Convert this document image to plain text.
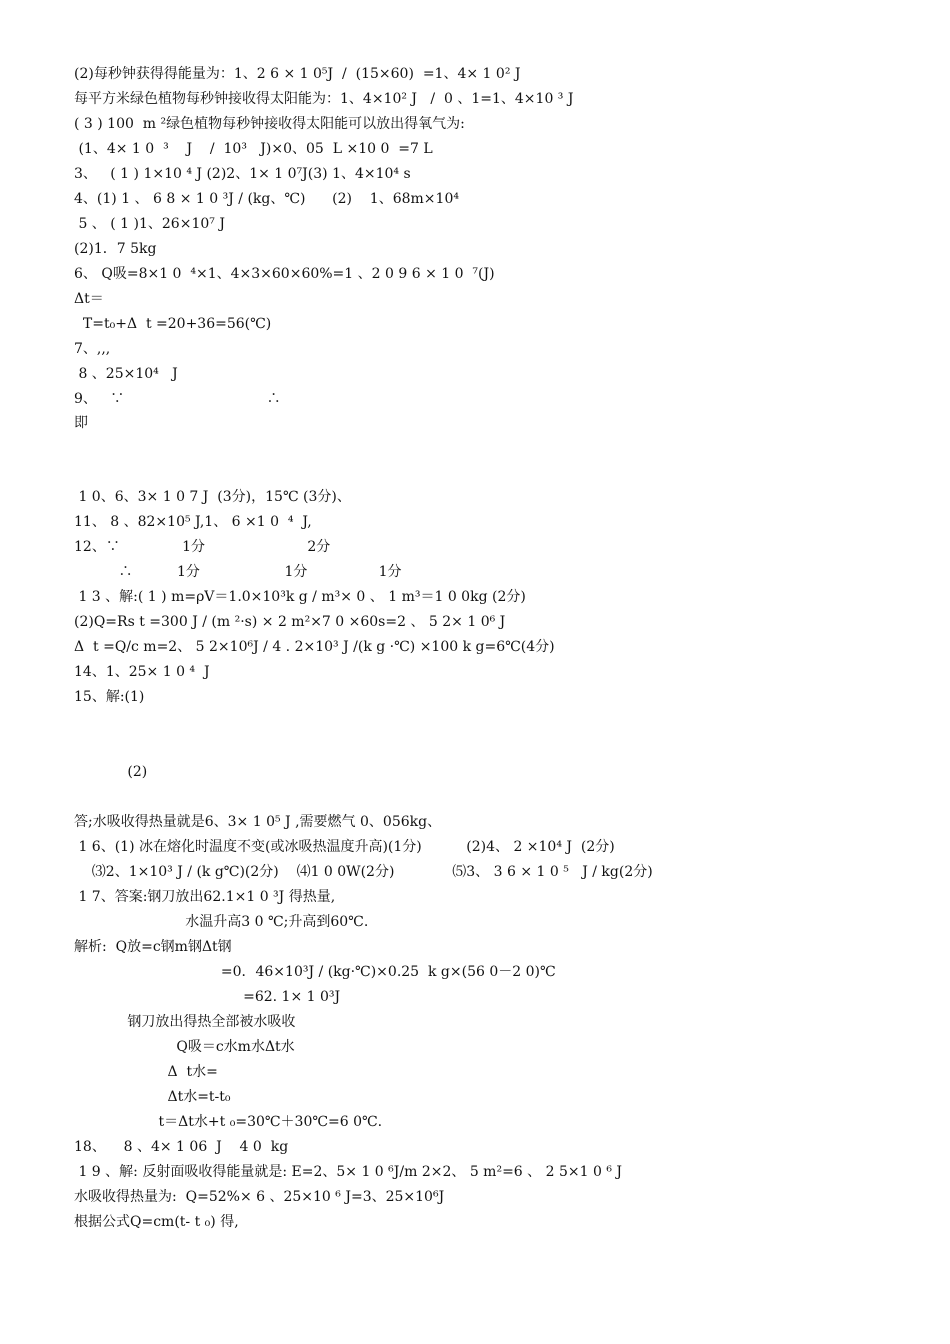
(2)每秒钟获得得能量为：1、2 6 × 1 0⁵J  /  (15×60)  =1、4× 1 0² J
每平方米绿色植物每秒钟接收得太阳能为：1、4×10² J   /  0 、1=1、4×10 ³ J
( 3 ) 100  m ²绿色植物每秒钟接收得太阳能可以放出得氧气为:
(1、4× 1 0  ³    J    /  10³   J)×0、05  L ×10 0  =7 L
3、   ( 1 ) 1×10 ⁴ J (2)2、1× 1 0⁷J(3) 1、4×10⁴ s
4、(1) 1 、 6 8 × 1 0 ³J / (kg、℃)      (2)    1、68m×10⁴
5 、 ( 1 )1、26×10⁷ J
(2)1．7 5kg
6、 Q吸=8×1 0  ⁴×1、4×3×60×60%=1 、2 0 9 6 × 1 0  ⁷(J)
Δt＝
T=t₀+Δ  t =20+36=56(℃)
7、,,,
8 、25×10⁴   J
9、   ∵                                ∴
即
1 0、6、3× 1 0 7 J  (3分)，15℃ (3分)、
11、 8 、82×10⁵ J,1、 6 ×1 0  ⁴  J,
12、∵              1分                       2分
∴          1分                   1分                1分
1 3 、解:( 1 ) m=ρV＝1.0×10³k g / m³× 0 、 1 m³＝1 0 0kg (2分)
(2)Q=Rs t =300 J / (m ²·s) × 2 m²×7 0 ×60s=2 、 5 2× 1 0⁶ J
Δ  t =Q/c m=2、 5 2×10⁶J / 4 . 2×10³ J /(k g ·℃) ×100 k g=6℃(4分)
14、1、25× 1 0 ⁴  J
15、解:(1)
(2)
答;水吸收得热量就是6、3× 1 0⁵ J ,需要燃气 0、056kg、
1 6、(1) 冰在熔化时温度不变(或冰吸热温度升高)(1分)          (2)4、 2 ×10⁴ J  (2分)
⑶2、1×10³ J / (k g℃)(2分)    ⑷1 0 0W(2分)             ⑸3、 3 6 × 1 0 ⁵   J / kg(2分)
1 7、答案:钢刀放出62.1×1 0 ³J 得热量,
水温升高3 0 ℃;升高到60℃.
解析:  Q放=c钢m钢Δt钢
=0．46×10³J / (kg·℃)×0.25  k g×(56 0－2 0)℃
=62. 1× 1 0³J
钢刀放出得热全部被水吸收
Q吸＝c水m水Δt水
Δ  t水=
Δt水=t-t₀
t＝Δt水+t ₀=30℃＋30℃=6 0℃.
18、    8 、4× 1 06  J    4 0  kg
1 9 、解: 反射面吸收得能量就是: E=2、5× 1 0 ⁶J/m 2×2、 5 m²=6 、 2 5×1 0 ⁶ J
水吸收得热量为:  Q=52%× 6 、25×10 ⁶ J=3、25×10⁶J
根据公式Q=cm(t- t ₀) 得,
